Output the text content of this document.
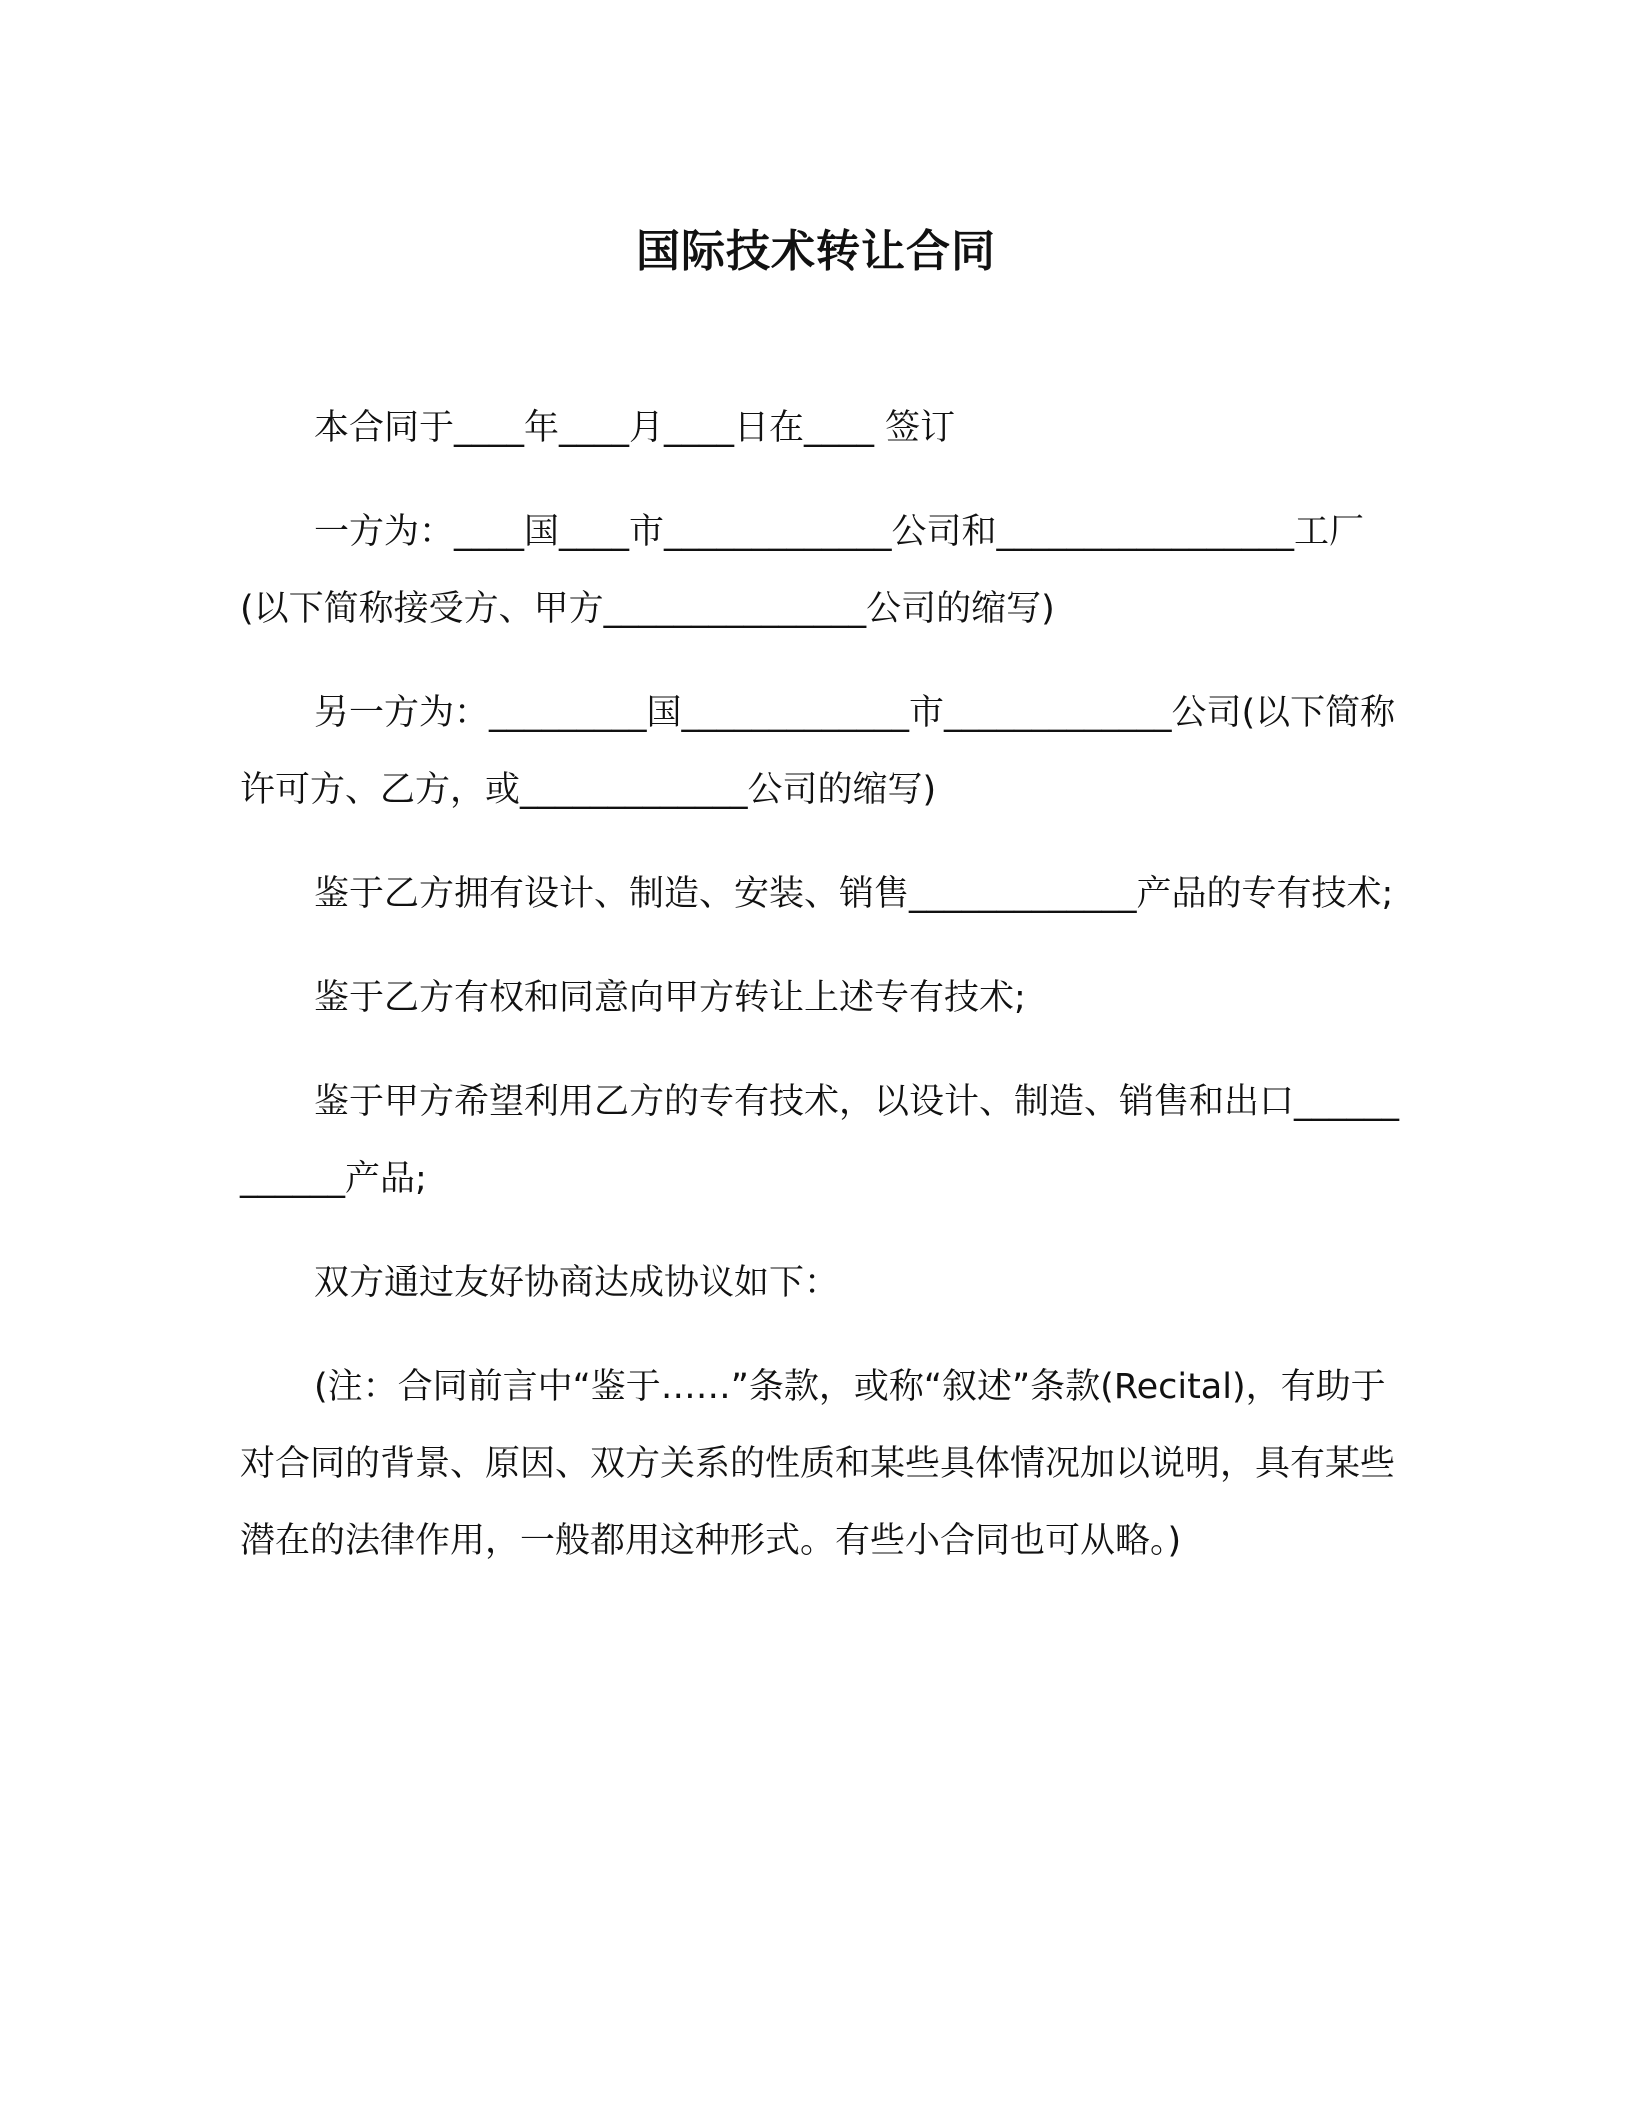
国际技术转让合同

本合同于____年____月____日在____ 签订

一方为：____国____市_____________公司和_________________工厂(以下简称接受方、甲方_______________公司的缩写)

另一方为：_________国_____________市_____________公司(以下简称许可方、乙方，或_____________公司的缩写)

鉴于乙方拥有设计、制造、安装、销售_____________产品的专有技术;

鉴于乙方有权和同意向甲方转让上述专有技术;

鉴于甲方希望利用乙方的专有技术，以设计、制造、销售和出口____________产品;

双方通过友好协商达成协议如下：

(注：合同前言中“鉴于……”条款，或称“叙述”条款(Recital)，有助于对合同的背景、原因、双方关系的性质和某些具体情况加以说明，具有某些潜在的法律作用，一般都用这种形式。有些小合同也可从略。)
